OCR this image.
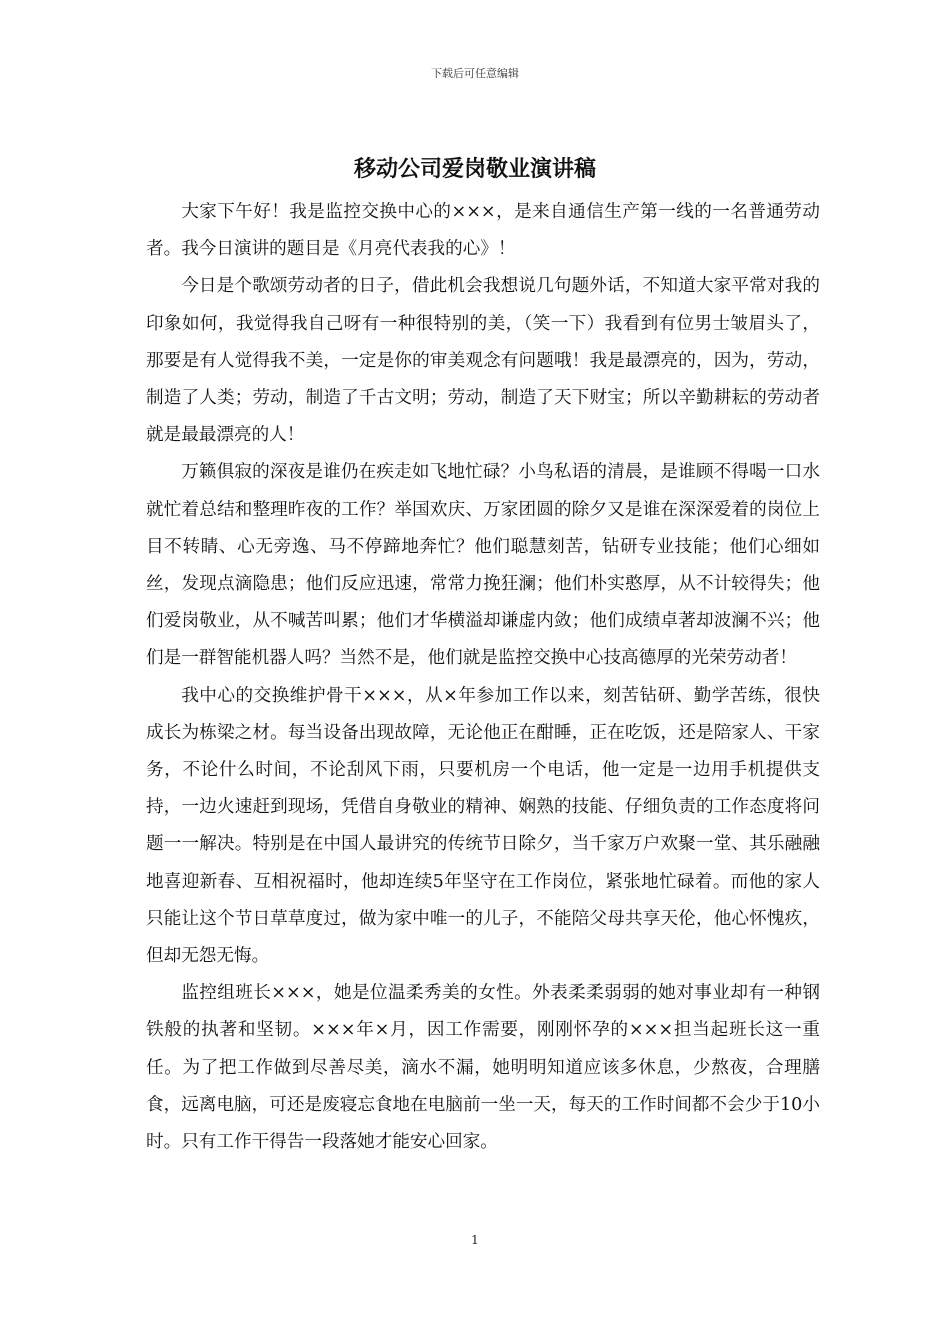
下载后可任意编辑
移动公司爱岗敬业演讲稿

大家下午好！我是监控交换中心的×××，是来自通信生产第一线的一名普通劳动者。我今日演讲的题目是《月亮代表我的心》！

今日是个歌颂劳动者的日子，借此机会我想说几句题外话，不知道大家平常对我的印象如何，我觉得我自己呀有一种很特别的美，（笑一下）我看到有位男士皱眉头了，那要是有人觉得我不美，一定是你的审美观念有问题哦！我是最漂亮的，因为，劳动，制造了人类；劳动，制造了千古文明；劳动，制造了天下财宝；所以辛勤耕耘的劳动者就是最最漂亮的人！

万籁俱寂的深夜是谁仍在疾走如飞地忙碌？小鸟私语的清晨，是谁顾不得喝一口水就忙着总结和整理昨夜的工作？举国欢庆、万家团圆的除夕又是谁在深深爱着的岗位上目不转睛、心无旁逸、马不停蹄地奔忙？他们聪慧刻苦，钻研专业技能；他们心细如丝，发现点滴隐患；他们反应迅速，常常力挽狂澜；他们朴实憨厚，从不计较得失；他们爱岗敬业，从不喊苦叫累；他们才华横溢却谦虚内敛；他们成绩卓著却波澜不兴；他们是一群智能机器人吗？当然不是，他们就是监控交换中心技高德厚的光荣劳动者！

我中心的交换维护骨干×××，从×年参加工作以来，刻苦钻研、勤学苦练，很快成长为栋梁之材。每当设备出现故障，无论他正在酣睡，正在吃饭，还是陪家人、干家务，不论什么时间，不论刮风下雨，只要机房一个电话，他一定是一边用手机提供支持，一边火速赶到现场，凭借自身敬业的精神、娴熟的技能、仔细负责的工作态度将问题一一解决。特别是在中国人最讲究的传统节日除夕，当千家万户欢聚一堂、其乐融融地喜迎新春、互相祝福时，他却连续5年坚守在工作岗位，紧张地忙碌着。而他的家人只能让这个节日草草度过，做为家中唯一的儿子，不能陪父母共享天伦，他心怀愧疚，但却无怨无悔。

监控组班长×××，她是位温柔秀美的女性。外表柔柔弱弱的她对事业却有一种钢铁般的执著和坚韧。×××年×月，因工作需要，刚刚怀孕的×××担当起班长这一重任。为了把工作做到尽善尽美，滴水不漏，她明明知道应该多休息，少熬夜，合理膳食，远离电脑，可还是废寝忘食地在电脑前一坐一天，每天的工作时间都不会少于10小时。只有工作干得告一段落她才能安心回家。

1
